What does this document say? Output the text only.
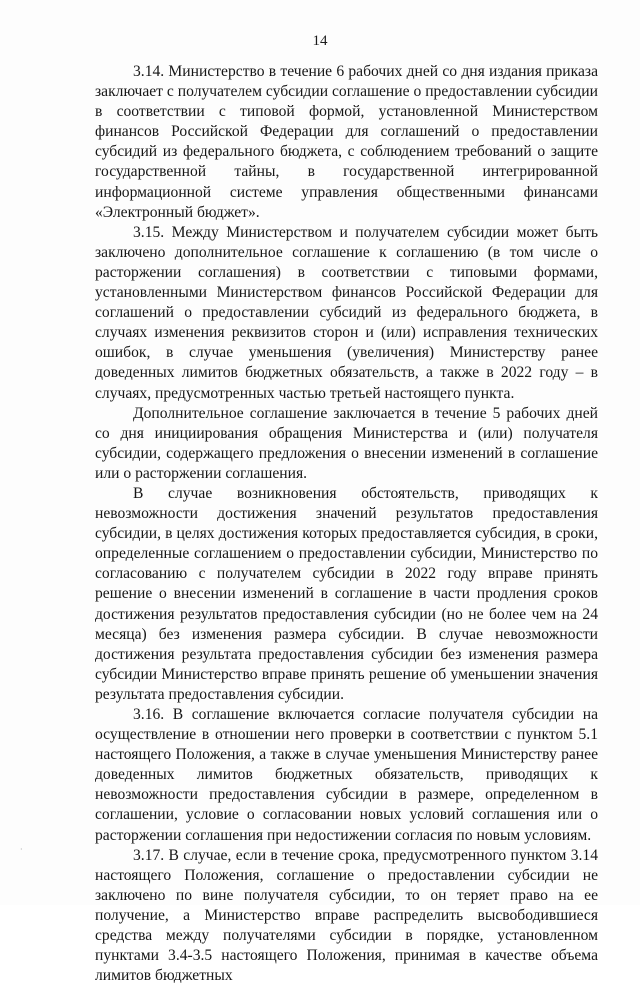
14

3.14. Министерство в течение 6 рабочих дней со дня издания приказа заключает с получателем субсидии соглашение о предоставлении субсидии в соответствии с типовой формой, установленной Министерством финансов Российской Федерации для соглашений о предоставлении субсидий из федерального бюджета, с соблюдением требований о защите государственной тайны, в государственной интегрированной информационной системе управления общественными финансами «Электронный бюджет».

3.15. Между Министерством и получателем субсидии может быть заключено дополнительное соглашение к соглашению (в том числе о расторжении соглашения) в соответствии с типовыми формами, установленными Министерством финансов Российской Федерации для соглашений о предоставлении субсидий из федерального бюджета, в случаях изменения реквизитов сторон и (или) исправления технических ошибок, в случае уменьшения (увеличения) Министерству ранее доведенных лимитов бюджетных обязательств, а также в 2022 году – в случаях, предусмотренных частью третьей настоящего пункта.

Дополнительное соглашение заключается в течение 5 рабочих дней со дня инициирования обращения Министерства и (или) получателя субсидии, содержащего предложения о внесении изменений в соглашение или о расторжении соглашения.

В случае возникновения обстоятельств, приводящих к невозможности достижения значений результатов предоставления субсидии, в целях достижения которых предоставляется субсидия, в сроки, определенные соглашением о предоставлении субсидии, Министерство по согласованию с получателем субсидии в 2022 году вправе принять решение о внесении изменений в соглашение в части продления сроков достижения результатов предоставления субсидии (но не более чем на 24 месяца) без изменения размера субсидии. В случае невозможности достижения результата предоставления субсидии без изменения размера субсидии Министерство вправе принять решение об уменьшении значения результата предоставления субсидии.

3.16. В соглашение включается согласие получателя субсидии на осуществление в отношении него проверки в соответствии с пунктом 5.1 настоящего Положения, а также в случае уменьшения Министерству ранее доведенных лимитов бюджетных обязательств, приводящих к невозможности предоставления субсидии в размере, определенном в соглашении, условие о согласовании новых условий соглашения или о расторжении соглашения при недостижении согласия по новым условиям.

3.17. В случае, если в течение срока, предусмотренного пунктом 3.14 настоящего Положения, соглашение о предоставлении субсидии не заключено по вине получателя субсидии, то он теряет право на ее получение, а Министерство вправе распределить высвободившиеся средства между получателями субсидии в порядке, установленном пунктами 3.4-3.5 настоящего Положения, принимая в качестве объема лимитов бюджетных

·
